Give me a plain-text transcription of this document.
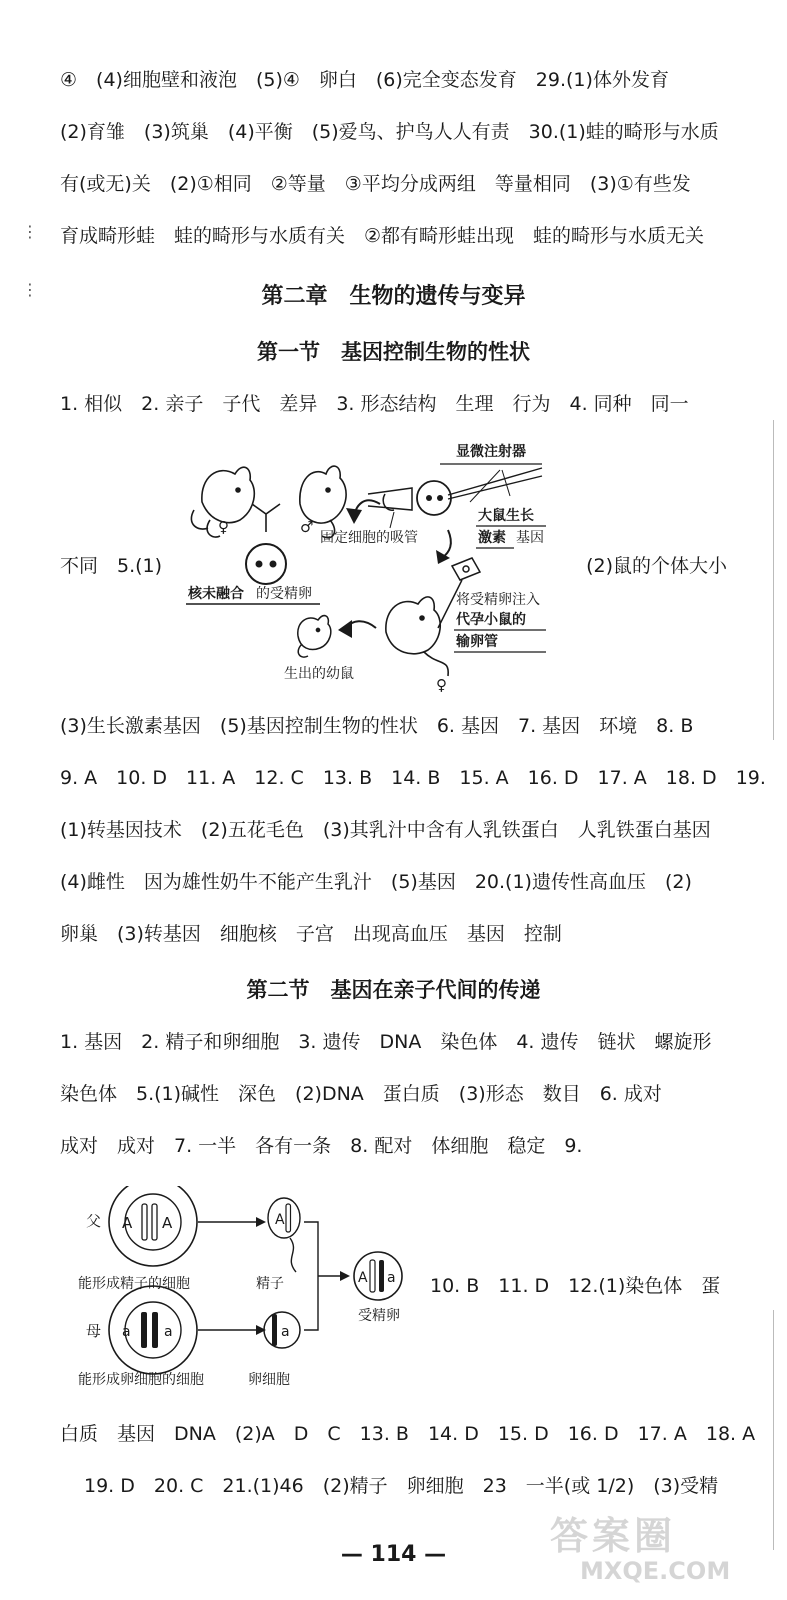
⋮
⋮
④　(4)细胞壁和液泡　(5)④　卵白　(6)完全变态发育　29.(1)体外发育
(2)育雏　(3)筑巢　(4)平衡　(5)爱鸟、护鸟人人有责　30.(1)蛙的畸形与水质
有(或无)关　(2)①相同　②等量　③平均分成两组　等量相同　(3)①有些发
育成畸形蛙　蛙的畸形与水质有关　②都有畸形蛙出现　蛙的畸形与水质无关
第二章　生物的遗传与变异
第一节　基因控制生物的性状
1. 相似　2. 亲子　子代　差异　3. 形态结构　生理　行为　4. 同种　同一
♀	♂
核未融合 的受精卵
显微注射器
大鼠生长
激素 基因
固定细胞的吸管
♀
将受精卵注入
代孕小鼠的
输卵管
生出的幼鼠
不同　5.(1)	(2)鼠的个体大小
(3)生长激素基因　(5)基因控制生物的性状　6. 基因　7. 基因　环境　8. B
9. A　10. D　11. A　12. C　13. B　14. B　15. A　16. D　17. A　18. D　19.
(1)转基因技术　(2)五花毛色　(3)其乳汁中含有人乳铁蛋白　人乳铁蛋白基因
(4)雌性　因为雄性奶牛不能产生乳汁　(5)基因　20.(1)遗传性高血压　(2)
卵巢　(3)转基因　细胞核　子宫　出现高血压　基因　控制
第二节　基因在亲子代间的传递
1. 基因　2. 精子和卵细胞　3. 遗传　DNA　染色体　4. 遗传　链状　螺旋形
染色体　5.(1)碱性　深色　(2)DNA　蛋白质　(3)形态　数目　6. 成对
成对　成对　7. 一半　各有一条　8. 配对　体细胞　稳定　9.
父 A A
能形成精子的细胞
A
精子
母 a a
能形成卵细胞的细胞
a
卵细胞
A a
受精卵
10. B　11. D　12.(1)染色体　蛋
白质　基因　DNA　(2)A　D　C　13. B　14. D　15. D　16. D　17. A　18. A
19. D　20. C　21.(1)46　(2)精子　卵细胞　23　一半(或 1/2)　(3)受精
— 114 —	答案圈
MXQE.COM
